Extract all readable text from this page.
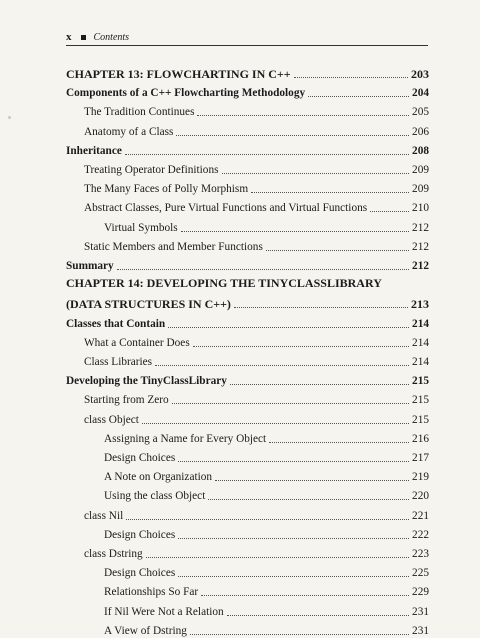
x Contents
CHAPTER 13: FLOWCHARTING IN C++	203
Components of a C++ Flowcharting Methodology	204
The Tradition Continues	205
Anatomy of a Class	206
Inheritance	208
Treating Operator Definitions	209
The Many Faces of Polly Morphism	209
Abstract Classes, Pure Virtual Functions and Virtual Functions	210
Virtual Symbols	212
Static Members and Member Functions	212
Summary	212
CHAPTER 14: DEVELOPING THE TINYCLASSLIBRARY
(DATA STRUCTURES IN C++)	213
Classes that Contain	214
What a Container Does	214
Class Libraries	214
Developing the TinyClassLibrary	215
Starting from Zero	215
class Object	215
Assigning a Name for Every Object	216
Design Choices	217
A Note on Organization	219
Using the class Object	220
class Nil	221
Design Choices	222
class Dstring	223
Design Choices	225
Relationships So Far	229
If Nil Were Not a Relation	231
A View of Dstring	231
